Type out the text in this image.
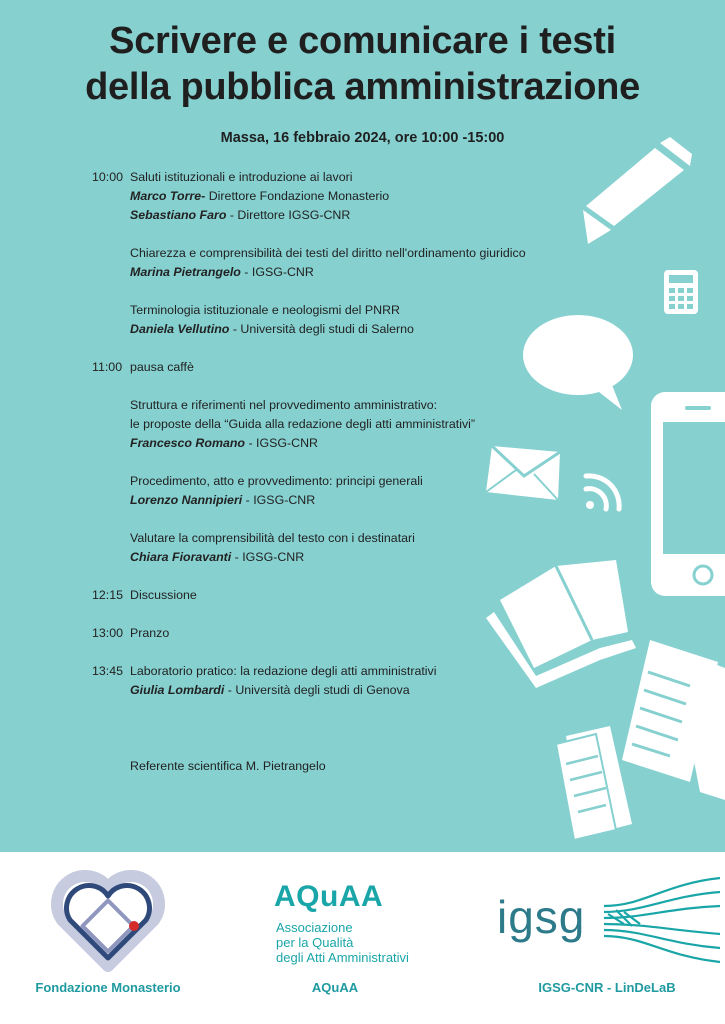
Scrivere e comunicare i testi
della pubblica amministrazione
Massa, 16 febbraio 2024, ore 10:00 -15:00
10:00 Saluti istituzionali e introduzione ai lavori
Marco Torre- Direttore Fondazione Monasterio
Sebastiano Faro - Direttore IGSG-CNR
Chiarezza e comprensibilità dei testi del diritto nell'ordinamento giuridico
Marina Pietrangelo - IGSG-CNR
Terminologia istituzionale e neologismi del PNRR
Daniela Vellutino - Università degli studi di Salerno
11:00 pausa caffè
Struttura e riferimenti nel provvedimento amministrativo:
le proposte della “Guida alla redazione degli atti amministrativi”
Francesco Romano - IGSG-CNR
Procedimento, atto e provvedimento: principi generali
Lorenzo Nannipieri - IGSG-CNR
Valutare la comprensibilità del testo con i destinatari
Chiara Fioravanti - IGSG-CNR
12:15 Discussione
13:00 Pranzo
13:45 Laboratorio pratico: la redazione degli atti amministrativi
Giulia Lombardi - Università degli studi di Genova
Referente scientifica M. Pietrangelo
Fondazione Monasterio
AQuAA
Associazione
per la Qualità
degli Atti Amministrativi
AQuAA
igsg
IGSG-CNR - LinDeLaB
